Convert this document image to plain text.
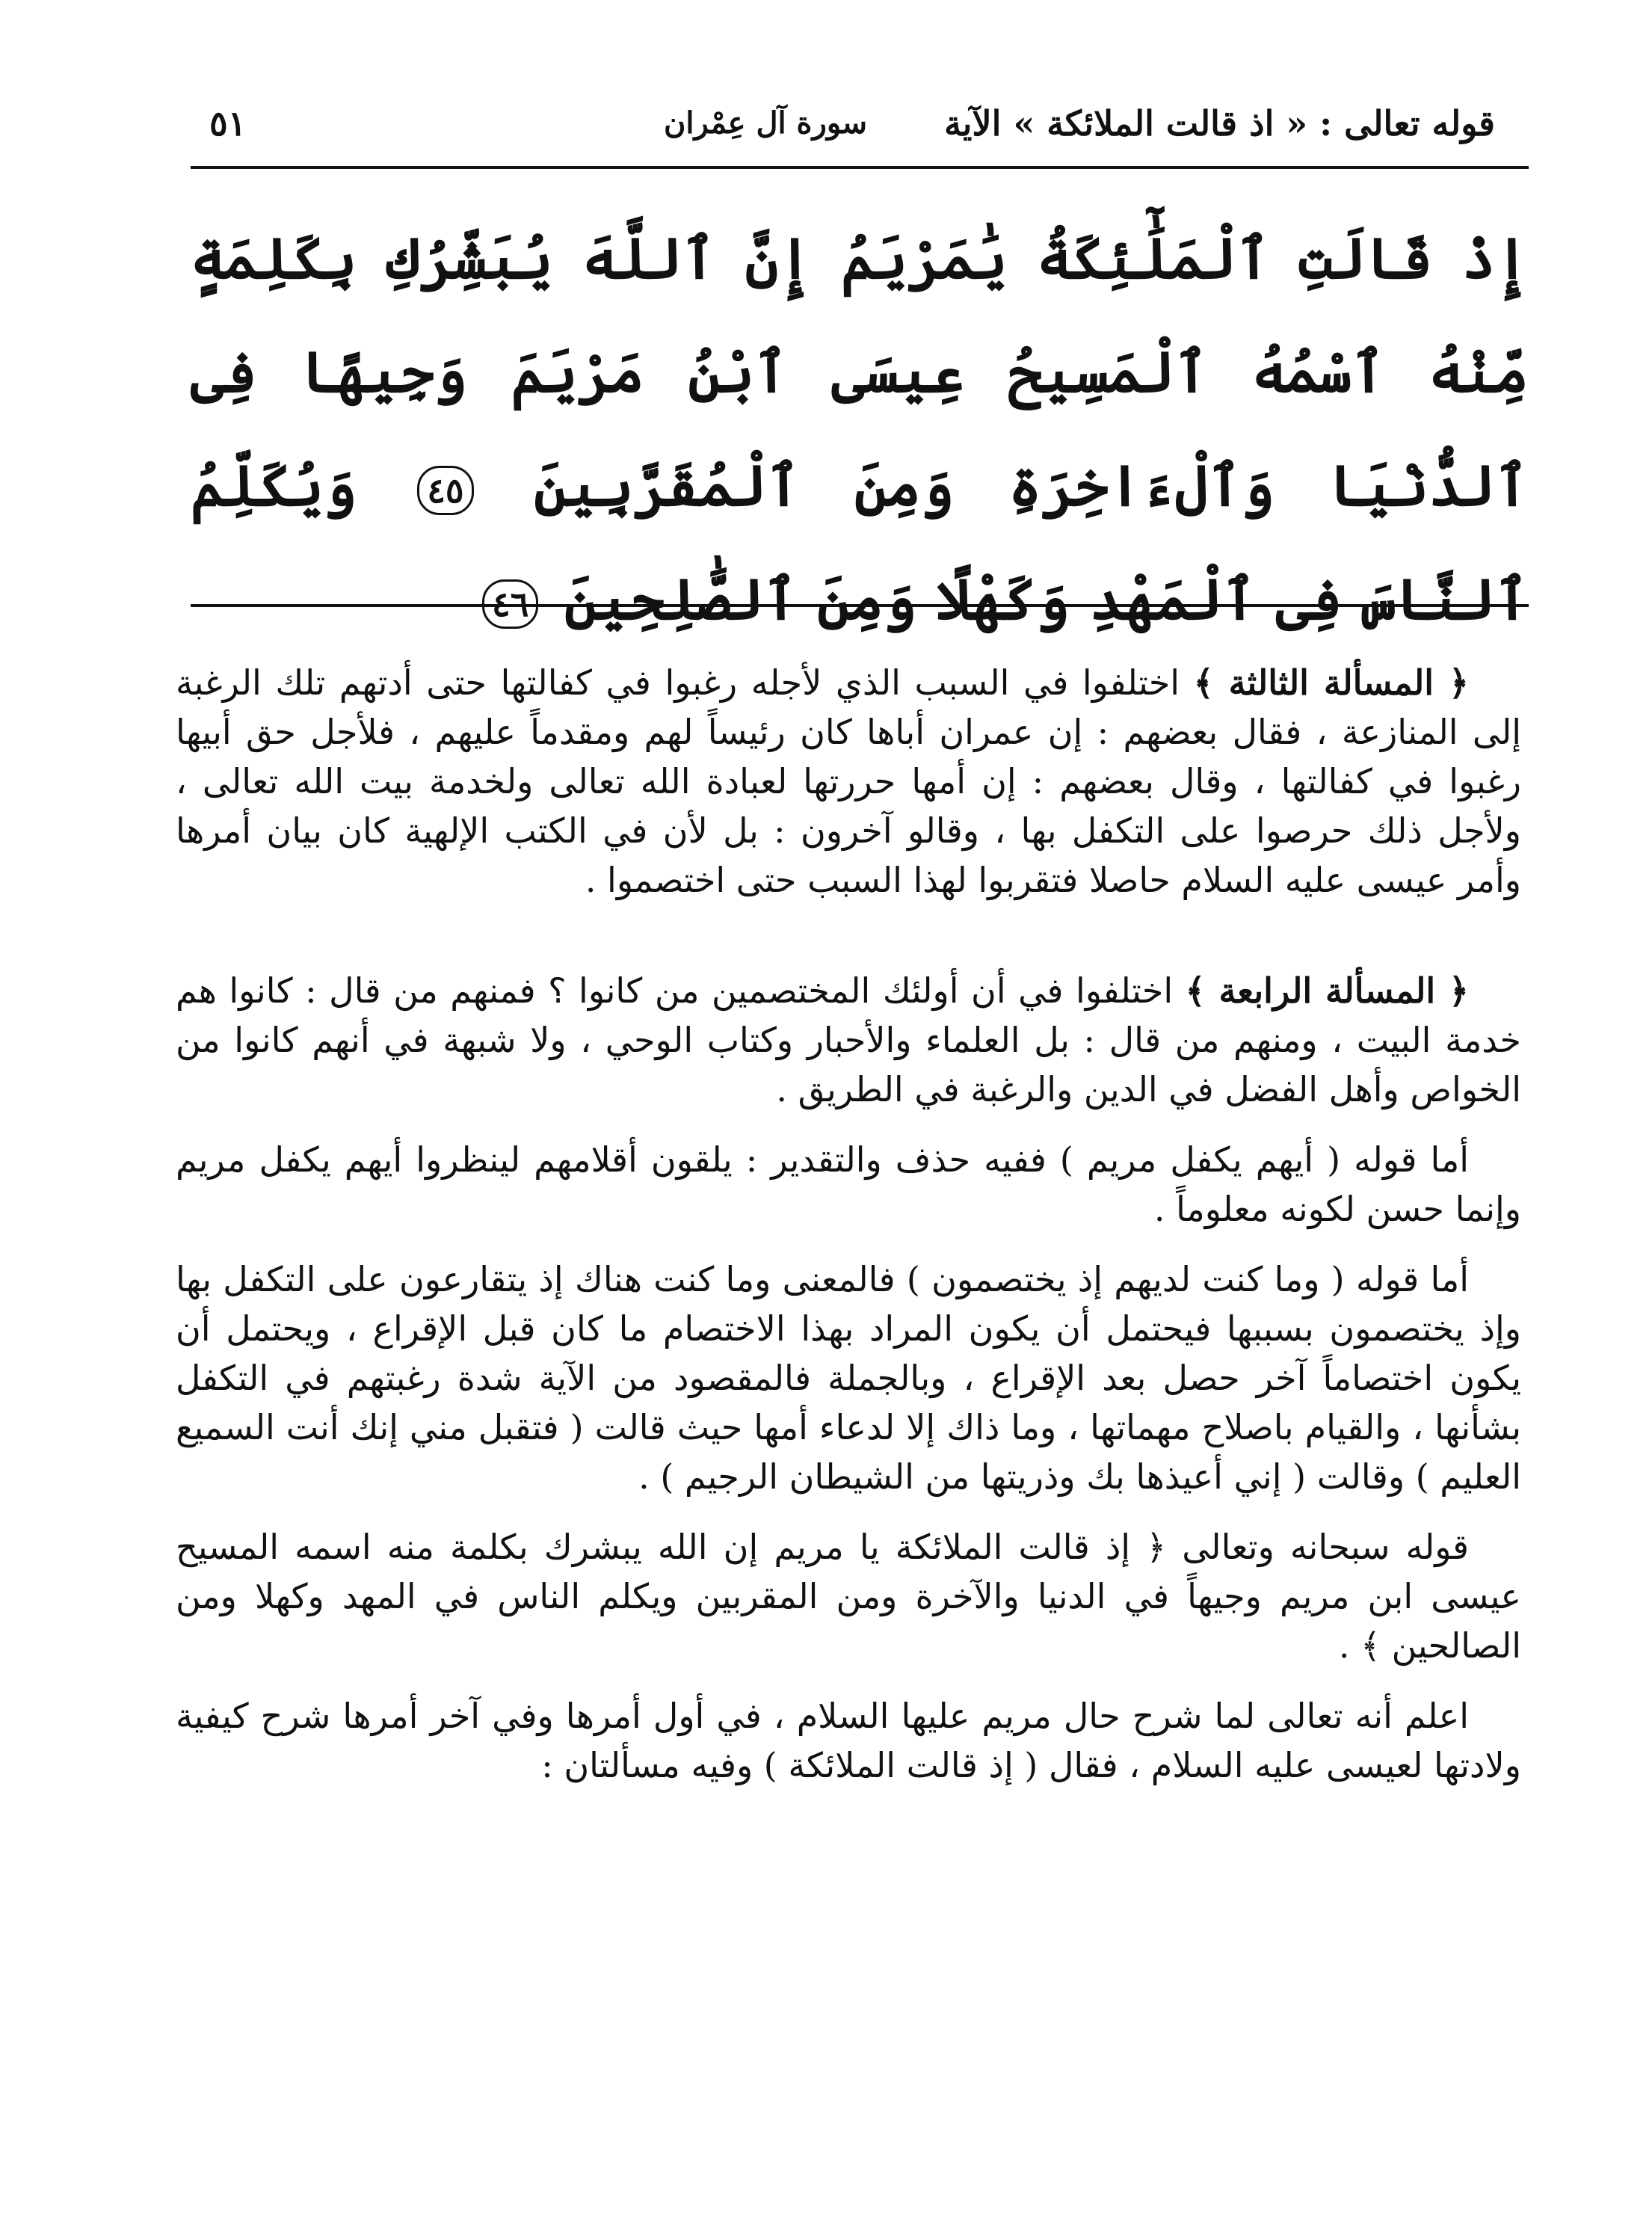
قوله تعالى : « اذ قالت الملائكة » الآية
سورة آل عِمْران
٥١
إِذْ قَالَتِ ٱلْمَلَٰٓئِكَةُ يَٰمَرْيَمُ إِنَّ ٱللَّهَ يُبَشِّرُكِ بِكَلِمَةٍ مِّنْهُ ٱسْمُهُ ٱلْمَسِيحُ عِيسَى ٱبْنُ مَرْيَمَ وَجِيهًا فِى ٱلدُّنْيَا وَٱلْءَاخِرَةِ وَمِنَ ٱلْمُقَرَّبِينَ ٤٥ وَيُكَلِّمُ ٱلنَّاسَ فِى ٱلْمَهْدِ وَكَهْلًا وَمِنَ ٱلصَّٰلِحِينَ ٤٦

﴿ المسألة الثالثة ﴾ اختلفوا في السبب الذي لأجله رغبوا في كفالتها حتى أدتهم تلك الرغبة إلى المنازعة ، فقال بعضهم : إن عمران أباها كان رئيساً لهم ومقدماً عليهم ، فلأجل حق أبيها رغبوا في كفالتها ، وقال بعضهم : إن أمها حررتها لعبادة الله تعالى ولخدمة بيت الله تعالى ، ولأجل ذلك حرصوا على التكفل بها ، وقالو آخرون : بل لأن في الكتب الإلهية كان بيان أمرها وأمر عيسى عليه السلام حاصلا فتقربوا لهذا السبب حتى اختصموا .

﴿ المسألة الرابعة ﴾ اختلفوا في أن أولئك المختصمين من كانوا ؟ فمنهم من قال : كانوا هم خدمة البيت ، ومنهم من قال : بل العلماء والأحبار وكتاب الوحي ، ولا شبهة في أنهم كانوا من الخواص وأهل الفضل في الدين والرغبة في الطريق .

أما قوله ( أيهم يكفل مريم ) ففيه حذف والتقدير : يلقون أقلامهم لينظروا أيهم يكفل مريم وإنما حسن لكونه معلوماً .

أما قوله ( وما كنت لديهم إذ يختصمون ) فالمعنى وما كنت هناك إذ يتقارعون على التكفل بها وإذ يختصمون بسببها فيحتمل أن يكون المراد بهذا الاختصام ما كان قبل الإقراع ، ويحتمل أن يكون اختصاماً آخر حصل بعد الإقراع ، وبالجملة فالمقصود من الآية شدة رغبتهم في التكفل بشأنها ، والقيام باصلاح مهماتها ، وما ذاك إلا لدعاء أمها حيث قالت ( فتقبل مني إنك أنت السميع العليم ) وقالت ( إني أعيذها بك وذريتها من الشيطان الرجيم ) .

قوله سبحانه وتعالى ﴿ إذ قالت الملائكة يا مريم إن الله يبشرك بكلمة منه اسمه المسيح عيسى ابن مريم وجيهاً في الدنيا والآخرة ومن المقربين ويكلم الناس في المهد وكهلا ومن الصالحين ﴾ .

اعلم أنه تعالى لما شرح حال مريم عليها السلام ، في أول أمرها وفي آخر أمرها شرح كيفية ولادتها لعيسى عليه السلام ، فقال ( إذ قالت الملائكة ) وفيه مسألتان :
